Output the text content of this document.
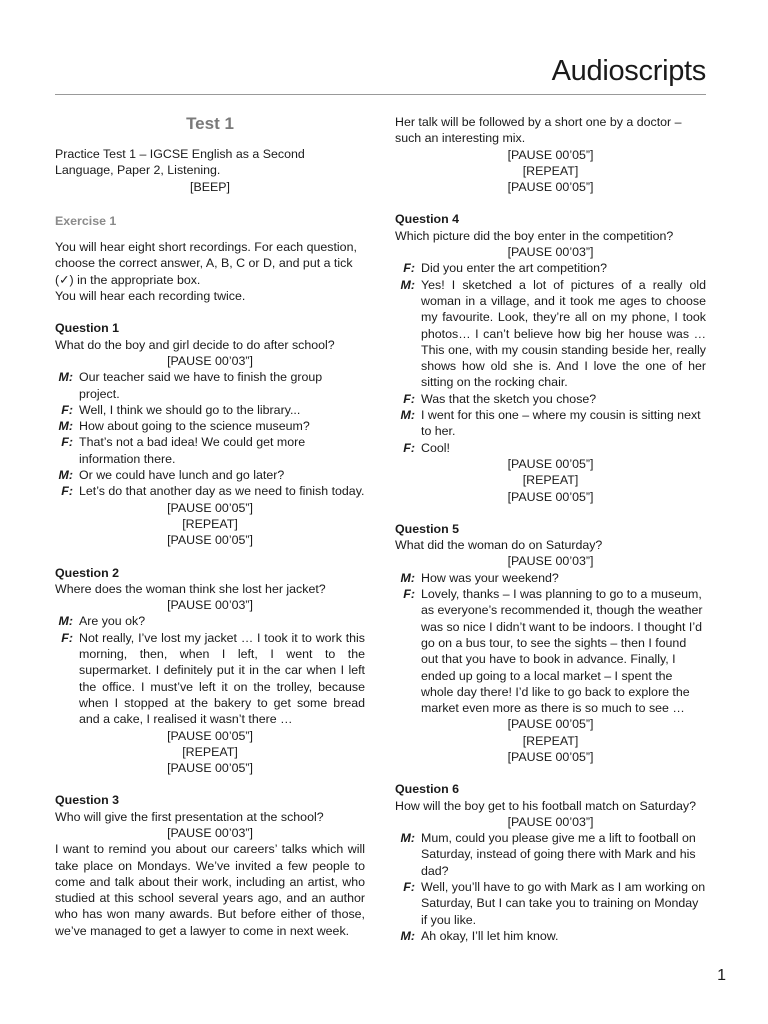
Audioscripts
Test 1

Practice Test 1 – IGCSE English as a Second Language, Paper 2, Listening.

[BEEP]

Exercise 1

You will hear eight short recordings. For each question, choose the correct answer, A, B, C or D, and put a tick (✓) in the appropriate box.

You will hear each recording twice.

Question 1

What do the boy and girl decide to do after school?

[PAUSE 00’03”]

M: Our teacher said we have to finish the group project.
F: Well, I think we should go to the library...
M: How about going to the science museum?
F: That’s not a bad idea! We could get more information there.
M: Or we could have lunch and go later?
F: Let’s do that another day as we need to finish today.

[PAUSE 00’05”]

[REPEAT]

[PAUSE 00’05”]

Question 2

Where does the woman think she lost her jacket?

[PAUSE 00’03”]

M: Are you ok?
F: Not really, I’ve lost my jacket … I took it to work this morning, then, when I left, I went to the supermarket. I definitely put it in the car when I left the office. I must’ve left it on the trolley, because when I stopped at the bakery to get some bread and a cake, I realised it wasn’t there …

[PAUSE 00’05”]

[REPEAT]

[PAUSE 00’05”]

Question 3

Who will give the first presentation at the school?

[PAUSE 00’03”]

I want to remind you about our careers’ talks which will take place on Mondays. We’ve invited a few people to come and talk about their work, including an artist, who studied at this school several years ago, and an author who has won many awards. But before either of those, we’ve managed to get a lawyer to come in next week.

Her talk will be followed by a short one by a doctor – such an interesting mix.

[PAUSE 00’05”]

[REPEAT]

[PAUSE 00’05”]

Question 4

Which picture did the boy enter in the competition?

[PAUSE 00’03”]

F: Did you enter the art competition?
M: Yes! I sketched a lot of pictures of a really old woman in a village, and it took me ages to choose my favourite. Look, they’re all on my phone, I took photos… I can’t believe how big her house was … This one, with my cousin standing beside her, really shows how old she is. And I love the one of her sitting on the rocking chair.
F: Was that the sketch you chose?
M: I went for this one – where my cousin is sitting next to her.
F: Cool!

[PAUSE 00’05”]

[REPEAT]

[PAUSE 00’05”]

Question 5

What did the woman do on Saturday?

[PAUSE 00’03”]

M: How was your weekend?
F: Lovely, thanks – I was planning to go to a museum, as everyone’s recommended it, though the weather was so nice I didn’t want to be indoors. I thought I’d go on a bus tour, to see the sights – then I found out that you have to book in advance. Finally, I ended up going to a local market – I spent the whole day there! I’d like to go back to explore the market even more as there is so much to see …

[PAUSE 00’05”]

[REPEAT]

[PAUSE 00’05”]

Question 6

How will the boy get to his football match on Saturday?

[PAUSE 00’03”]

M: Mum, could you please give me a lift to football on Saturday, instead of going there with Mark and his dad?
F: Well, you’ll have to go with Mark as I am working on Saturday, But I can take you to training on Monday if you like.
M: Ah okay, I’ll let him know.
1
